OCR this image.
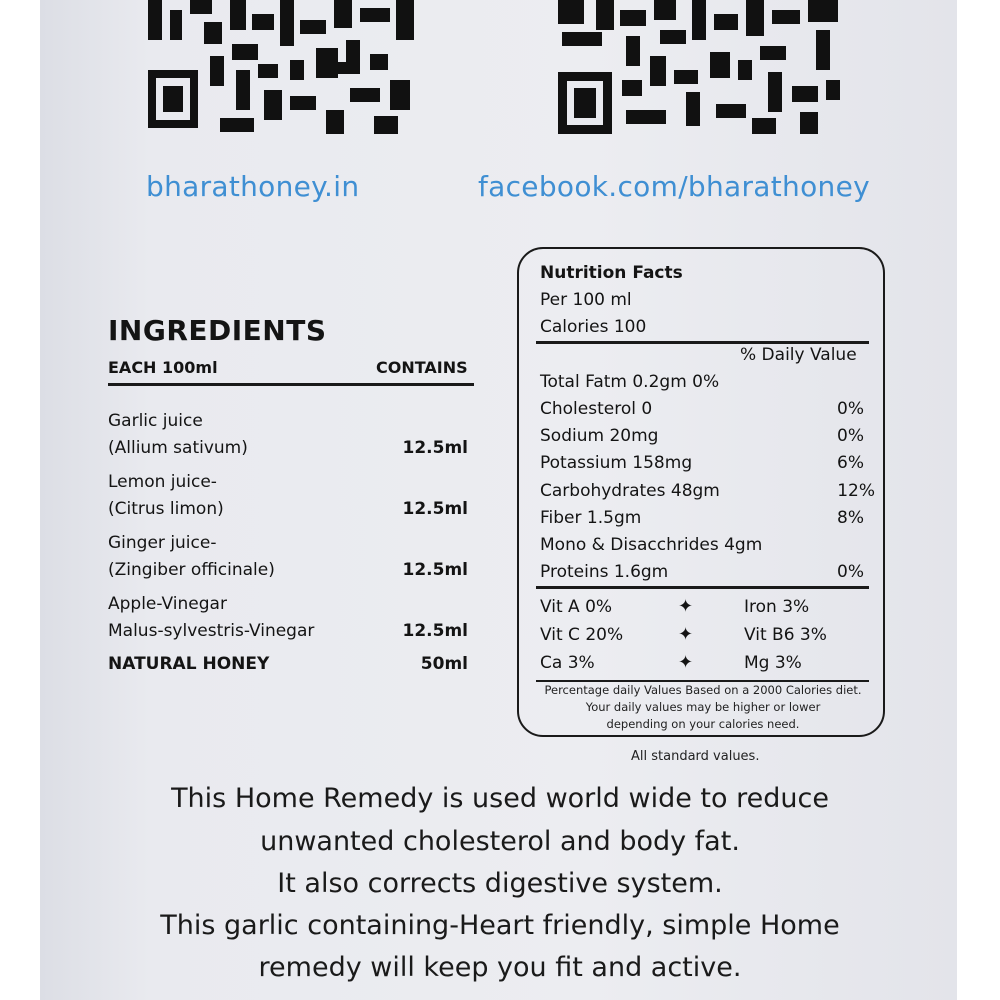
bharathoney.in	facebook.com/bharathoney
INGREDIENTS
EACH 100ml	CONTAINS
Garlic juice
(Allium sativum)	12.5ml
Lemon juice-
(Citrus limon)	12.5ml
Ginger juice-
(Zingiber officinale)	12.5ml
Apple-Vinegar
Malus-sylvestris-Vinegar	12.5ml
NATURAL HONEY	50ml
Nutrition Facts
Per 100 ml
Calories 100
% Daily Value
Total Fatm 0.2gm 0%
Cholesterol 0	0%
Sodium 20mg	0%
Potassium 158mg	6%
Carbohydrates 48gm	12%
Fiber 1.5gm	8%
Mono & Disacchrides 4gm
Proteins 1.6gm	0%
Vit A 0%	✦	Iron 3%
Vit C 20%	✦	Vit B6 3%
Ca 3%	✦	Mg 3%
Percentage daily Values Based on a 2000 Calories diet.
Your daily values may be higher or lower
depending on your calories need.
All standard values.
This Home Remedy is used world wide to reduce
unwanted cholesterol and body fat.
It also corrects digestive system.
This garlic containing-Heart friendly, simple Home
remedy will keep you fit and active.
